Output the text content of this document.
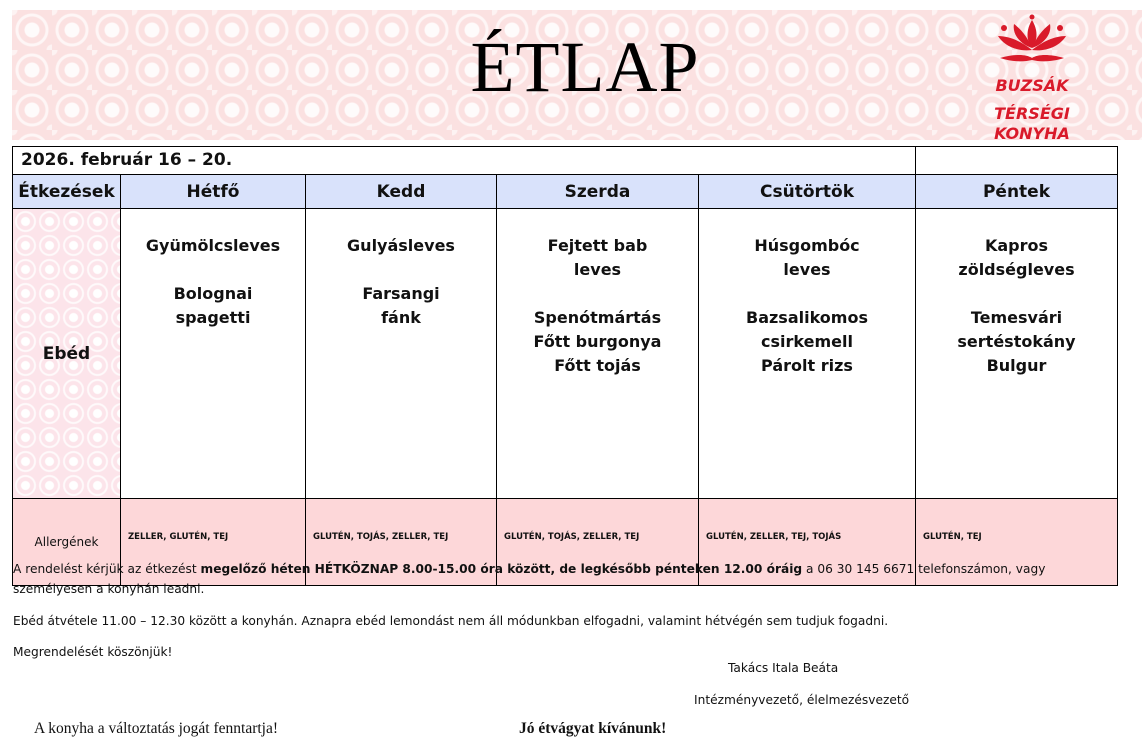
ÉTLAP	BUZSÁK
TÉRSÉGI KONYHA
2026. február 16 – 20.					
Étkezések	Hétfő	Kedd	Szerda	Csütörtök	Péntek

Ebéd	Gyümölcsleves
Bolognai
spagetti	Gulyásleves
Farsangi
fánk	Fejtett bab
leves
Spenótmártás
Főtt burgonya
Főtt tojás	Húsgombóc
leves
Bazsalikomos
csirkemell
Párolt rizs	Kapros
zöldségleves
Temesvári
sertéstokány
Bulgur

Allergének	ZELLER, GLUTÉN, TEJ	GLUTÉN, TOJÁS, ZELLER, TEJ	GLUTÉN, TOJÁS, ZELLER, TEJ	GLUTÉN, ZELLER, TEJ, TOJÁS	GLUTÉN, TEJ

A rendelést kérjük az étkezést megelőző héten HÉTKÖZNAP 8.00-15.00 óra között, de legkésőbb pénteken 12.00 óráig a 06 30 145 6671 telefonszámon, vagy személyesen a konyhán leadni.

Ebéd átvétele 11.00 – 12.30 között a konyhán. Aznapra ebéd lemondást nem áll módunkban elfogadni, valamint hétvégén sem tudjuk fogadni.

Megrendelését köszönjük!

Takács Itala Beáta
Intézményvezető, élelmezésvezető
A konyha a változtatás jogát fenntartja!	Jó étvágyat kívánunk!
